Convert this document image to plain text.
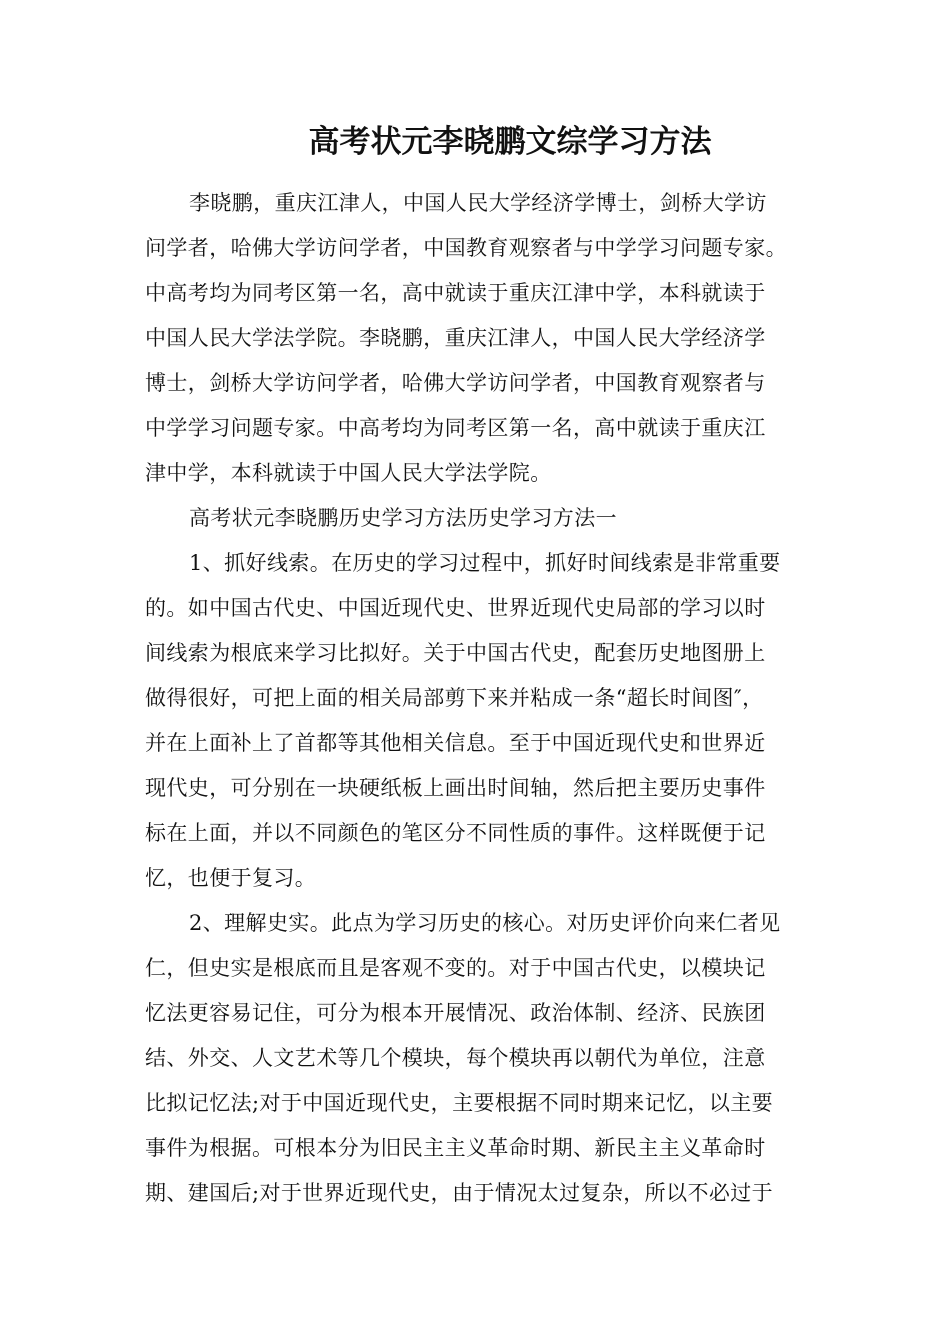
高考状元李晓鹏文综学习方法
李晓鹏，重庆江津人，中国人民大学经济学博士，剑桥大学访
问学者，哈佛大学访问学者，中国教育观察者与中学学习问题专家。
中高考均为同考区第一名，高中就读于重庆江津中学，本科就读于
中国人民大学法学院。李晓鹏，重庆江津人，中国人民大学经济学
博士，剑桥大学访问学者，哈佛大学访问学者，中国教育观察者与
中学学习问题专家。中高考均为同考区第一名，高中就读于重庆江
津中学，本科就读于中国人民大学法学院。
高考状元李晓鹏历史学习方法历史学习方法一
1、抓好线索。在历史的学习过程中，抓好时间线索是非常重要
的。如中国古代史、中国近现代史、世界近现代史局部的学习以时
间线索为根底来学习比拟好。关于中国古代史，配套历史地图册上
做得很好，可把上面的相关局部剪下来并粘成一条“超长时间图″，
并在上面补上了首都等其他相关信息。至于中国近现代史和世界近
现代史，可分别在一块硬纸板上画出时间轴，然后把主要历史事件
标在上面，并以不同颜色的笔区分不同性质的事件。这样既便于记
忆，也便于复习。
2、理解史实。此点为学习历史的核心。对历史评价向来仁者见
仁，但史实是根底而且是客观不变的。对于中国古代史，以模块记
忆法更容易记住，可分为根本开展情况、政治体制、经济、民族团
结、外交、人文艺术等几个模块，每个模块再以朝代为单位，注意
比拟记忆法;对于中国近现代史，主要根据不同时期来记忆，以主要
事件为根据。可根本分为旧民主主义革命时期、新民主主义革命时
期、建国后;对于世界近现代史，由于情况太过复杂，所以不必过于
